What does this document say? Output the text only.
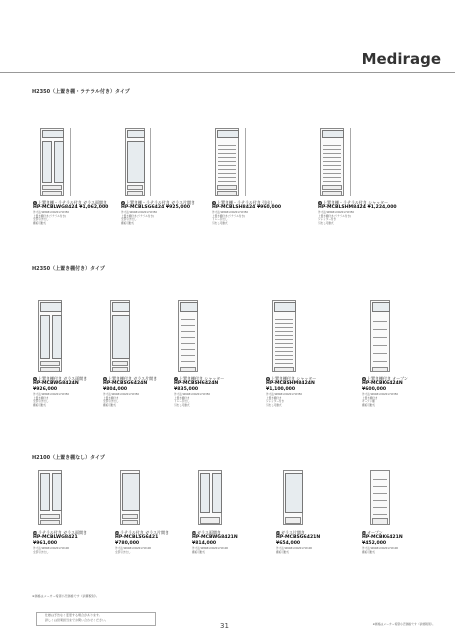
Medirage
H2350（上置き棚・ラテラル付き）タイプ
1 上置き棚・ラテラル付き ガラス両開き
HP-MCBLWG8424 ¥1,062,000
外寸法:W848×D620×H2350
上置き棚付き(ラテラル付き)
全部引き出し
棚板可動式
2 上置き棚・ラテラル付き ガラス片開き
HP-MCBLSG6424 ¥925,000
外寸法:W648×D620×H2350
上置き棚付き(ラテラル付き)
全部引き出し
棚板可動式
3 上置き棚・ラテラル付き 引出し
HP-MCBLSH8424 ¥960,000
外寸法:W848×D620×H2350
上置き棚付き(ラテラル付き)
トレー引出し
引出し可動式
4 上置き棚・ラテラル付き シャッター
HP-MCBLSHM8424 ¥1,224,000
外寸法:W848×D620×H2350
上置き棚付き(ラテラル付き)
シャッター付き
引出し可動式
H2350（上置き棚付き）タイプ
5 上置き棚付き ガラス両開き
HP-MCBWG8424N
¥926,000
外寸法:W848×D620×H2350
上置き棚付き
全部引き出し
棚板可動式
6 上置き棚付き ガラス片開き
HP-MCBSG6424N
¥804,000
外寸法:W648×D620×H2350
上置き棚付き
全部引き出し
棚板可動式
7 上置き棚付き シャッター
HP-MCBSH6424N
¥835,000
外寸法:W648×D620×H2350
上置き棚付き
トレー引出し
引出し可動式
8 上置き棚付き シャッター
HP-MCBSHM8424N
¥1,100,000
外寸法:W848×D620×H2350
上置き棚付き
シャッター付き
引出し可動式
9 上置き棚付き オープン
HP-MCBK6424N
¥600,000
外寸法:W648×D620×H2350
上置き棚付き
オープン棚
棚板可動式
H2100（上置き棚なし）タイプ
10ラテラル付き ガラス両開き
HP-MCBLWG8421
¥961,000
外寸法:W848×D620×H2100
全部引き出し
11ラテラル付き ガラス片開き
HP-MCBLSG6421
¥780,000
外寸法:W648×D620×H2100
全部引き出し
12ガラス両開き
HP-MCBWG8421N
¥814,000
外寸法:W848×D620×H2100
棚板可動式
13ガラス片開き
HP-MCBSG6421N
¥654,000
外寸法:W648×D620×H2100
棚板可動式
14オープン
HP-MCBK6421N
¥452,000
外寸法:W648×D620×H2100
棚板可動式
※価格はメーカー希望小売価格です（消費税別）。
仕様は予告なく変更する場合があります。
詳しくは営業担当までお問い合わせください。
31	※価格はメーカー希望小売価格です（消費税別）。
